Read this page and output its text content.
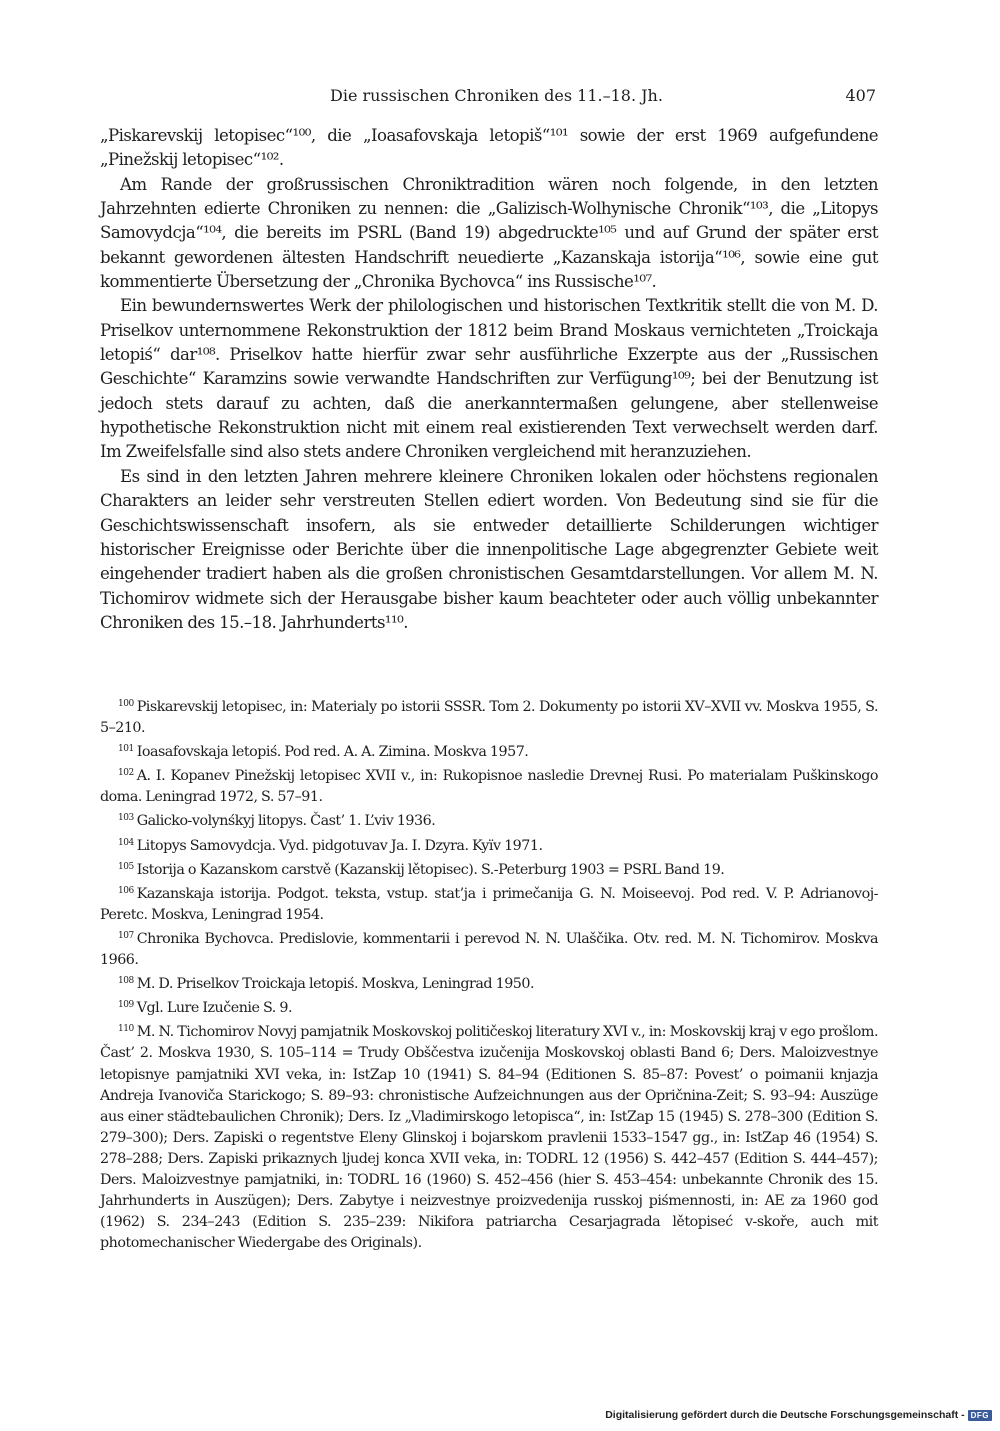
Die russischen Chroniken des 11.–18. Jh.	407

„Piskarevskij letopisec“¹⁰⁰, die „Ioasafovskaja letopiš“¹⁰¹ sowie der erst 1969 aufgefundene „Pinežskij letopisec“¹⁰².

Am Rande der großrussischen Chroniktradition wären noch folgende, in den letzten Jahrzehnten edierte Chroniken zu nennen: die „Galizisch-Wolhynische Chronik“¹⁰³, die „Litopys Samovydcja“¹⁰⁴, die bereits im PSRL (Band 19) abgedruckte¹⁰⁵ und auf Grund der später erst bekannt gewordenen ältesten Handschrift neuedierte „Kazanskaja istorija“¹⁰⁶, sowie eine gut kommentierte Übersetzung der „Chronika Bychovca“ ins Russische¹⁰⁷.

Ein bewundernswertes Werk der philologischen und historischen Textkritik stellt die von M. D. Priselkov unternommene Rekonstruktion der 1812 beim Brand Moskaus vernichteten „Troickaja letopiś“ dar¹⁰⁸. Priselkov hatte hierfür zwar sehr ausführliche Exzerpte aus der „Russischen Geschichte“ Karamzins sowie verwandte Handschriften zur Verfügung¹⁰⁹; bei der Benutzung ist jedoch stets darauf zu achten, daß die anerkanntermaßen gelungene, aber stellenweise hypothetische Rekonstruktion nicht mit einem real existierenden Text verwechselt werden darf. Im Zweifelsfalle sind also stets andere Chroniken vergleichend mit heranzuziehen.

Es sind in den letzten Jahren mehrere kleinere Chroniken lokalen oder höchstens regionalen Charakters an leider sehr verstreuten Stellen ediert worden. Von Bedeutung sind sie für die Geschichtswissenschaft insofern, als sie entweder detaillierte Schilderungen wichtiger historischer Ereignisse oder Berichte über die innenpolitische Lage abgegrenzter Gebiete weit eingehender tradiert haben als die großen chronistischen Gesamtdarstellungen. Vor allem M. N. Tichomirov widmete sich der Herausgabe bisher kaum beachteter oder auch völlig unbekannter Chroniken des 15.–18. Jahrhunderts¹¹⁰.

$^{100}$ Piskarevskij letopisec, in: Materialy po istorii SSSR. Tom 2. Dokumenty po istorii XV–XVII vv. Moskva 1955, S. 5–210.

$^{101}$ Ioasafovskaja letopiś. Pod red. A. A. Zimina. Moskva 1957.

$^{102}$ A. I. Kopanev Pinežskij letopisec XVII v., in: Rukopisnoe nasledie Drevnej Rusi. Po materialam Puškinskogo doma. Leningrad 1972, S. 57–91.

$^{103}$ Galicko-volynśkyj litopys. Čast’ 1. L’viv 1936.

$^{104}$ Litopys Samovydcja. Vyd. pidgotuvav Ja. I. Dzyra. Kyïv 1971.

$^{105}$ Istorija o Kazanskom carstvě (Kazanskij lětopisec). S.-Peterburg 1903 = PSRL Band 19.

$^{106}$ Kazanskaja istorija. Podgot. teksta, vstup. stat’ja i primečanija G. N. Moiseevoj. Pod red. V. P. Adrianovoj-Peretc. Moskva, Leningrad 1954.

$^{107}$ Chronika Bychovca. Predislovie, kommentarii i perevod N. N. Ulaščika. Otv. red. M. N. Tichomirov. Moskva 1966.

$^{108}$ M. D. Priselkov Troickaja letopiś. Moskva, Leningrad 1950.

$^{109}$ Vgl. Lure Izučenie S. 9.

$^{110}$ M. N. Tichomirov Novyj pamjatnik Moskovskoj političeskoj literatury XVI v., in: Moskovskij kraj v ego prošlom. Čast’ 2. Moskva 1930, S. 105–114 = Trudy Obščestva izučenija Moskovskoj oblasti Band 6; Ders. Maloizvestnye letopisnye pamjatniki XVI veka, in: IstZap 10 (1941) S. 84–94 (Editionen S. 85–87: Povest’ o poimanii knjazja Andreja Ivanoviča Starickogo; S. 89–93: chronistische Aufzeichnungen aus der Opričnina-Zeit; S. 93–94: Auszüge aus einer städtebaulichen Chronik); Ders. Iz „Vladimirskogo letopisca“, in: IstZap 15 (1945) S. 278–300 (Edition S. 279–300); Ders. Zapiski o regentstve Eleny Glinskoj i bojarskom pravlenii 1533–1547 gg., in: IstZap 46 (1954) S. 278–288; Ders. Zapiski prikaznych ljudej konca XVII veka, in: TODRL 12 (1956) S. 442–457 (Edition S. 444–457); Ders. Maloizvestnye pamjatniki, in: TODRL 16 (1960) S. 452–456 (hier S. 453–454: unbekannte Chronik des 15. Jahrhunderts in Auszügen); Ders. Zabytye i neizvestnye proizvedenija russkoj piśmennosti, in: AE za 1960 god (1962) S. 234–243 (Edition S. 235–239: Nikifora patriarcha Cesarjagrada lětopiseć v-skoře, auch mit photomechanischer Wiedergabe des Originals).

Digitalisierung gefördert durch die Deutsche Forschungsgemeinschaft - DFG
